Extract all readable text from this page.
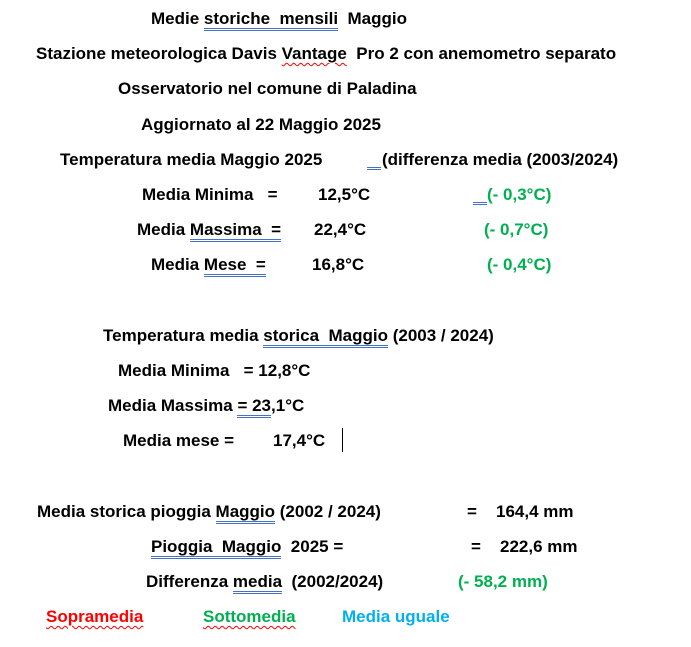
Medie storiche  mensili  Maggio
Stazione meteorologica Davis Vantage  Pro 2 con anemometro separato
Osservatorio nel comune di Paladina
Aggiornato al 22 Maggio 2025
Temperatura media Maggio 2025	(differenza media (2003/2024)
Media Minima   = 12,5°C	(- 0,3°C)
Media Massima  = 22,4°C	(- 0,7°C)
Media Mese  =	16,8°C	(- 0,4°C)
Temperatura media storica  Maggio (2003 / 2024)
Media Minima   = 12,8°C
Media Massima = 23,1°C
Media mese = 17,4°C
Media storica pioggia Maggio (2002 / 2024)	= 164,4 mm
Pioggia  Maggio  2025 =	= 222,6 mm
Differenza media  (2002/2024)	(- 58,2 mm)
Sopramedia	Sottomedia	Media uguale
